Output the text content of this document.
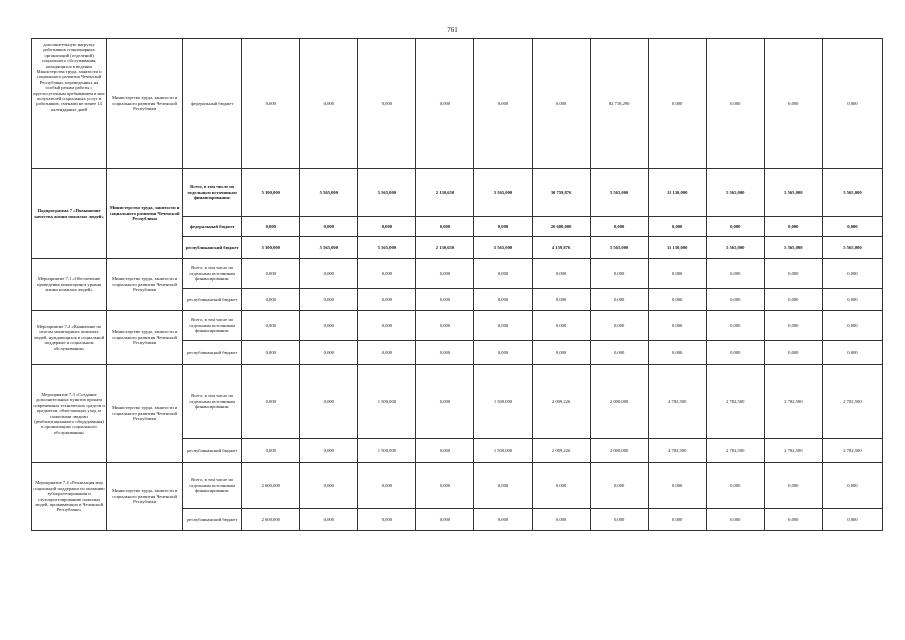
761
дополнительную нагрузку работников стационарных организаций (отделений) социального обслуживания, находящихся в ведении Министерства труда, занятости и социального развития Чеченской Республики, переведенных на особый режим работы с круглосуточным пребыванием в них получателей социальных услуг и работников, сменами не менее 14 календарных дней	Министерство труда, занятости и социального развития Чеченской Республики	федеральный бюджет	0,000	0,000	0,000	0,000	0,000	0,000	82 718,290	0,000	0,000	0,000	0,000
Подпрограмма 7 «Повышение качества жизни пожилых людей»	Министерство труда, занятости и социального развития Чеченской Республики	Всего, в том числе по отдельным источникам финансирования:	5 300,000	5 565,000	5 565,000	2 130,650	5 565,000	30 759,876	5 565,000	11 130,000	5 565,000	5 565,000	5 565,000
		федеральный бюджет	0,000	0,000	0,000	0,000	0,000	26 600,000	0,000	0,000	0,000	0,000	0,000
		республиканский бюджет	5 300,000	5 565,000	5 565,000	2 130,650	5 565,000	4 159,876	5 565,000	11 130,000	5 565,000	5 565,000	5 565,000
Мероприятие 7.1 «Обеспечение проведения мониторинга уровня жизни пожилых людей»	Министерство труда, занятости и социального развития Чеченской Республики	Всего, в том числе по отдельным источникам финансирования:	0,000	0,000	0,000	0,000	0,000	0,000	0,000	0,000	0,000	0,000	0,000
		республиканский бюджет	0,000	0,000	0,000	0,000	0,000	0,000	0,000	0,000	0,000	0,000	0,000
Мероприятие 7.2 «Выявление по итогам мониторинга пожилых людей, нуждающихся в социальной поддержке и социальном обслуживании»	Министерство труда, занятости и социального развития Чеченской Республики	Всего, в том числе по отдельным источникам финансирования:	0,000	0,000	0,000	0,000	0,000	0,000	0,000	0,000	0,000	0,000	0,000
		республиканский бюджет	0,000	0,000	0,000	0,000	0,000	0,000	0,000	0,000	0,000	0,000	0,000
Мероприятие 7.3 «Создание дополнительных пунктов проката современных технических средств и предметов, облегчающих уход за пожилыми людьми (реабилитационного оборудования) в организациях социального обслуживания»	Министерство труда, занятости и социального развития Чеченской Республики	Всего, в том числе по отдельным источникам финансирования:	0,000	0,000	1 500,000	0,000	1 500,000	2 009,226	2 000,000	4 782,500	2 782,500	2 782,500	2 782,500
		республиканский бюджет	0,000	0,000	1 500,000	0,000	1 500,000	2 009,226	2 000,000	4 782,500	2 782,500	2 782,500	2 782,500
Мероприятие 7.4 «Реализация мер социальной поддержки по оказанию зубопротезирования и слухопротезированию пожилых людей, проживающих в Чеченской Республике»	Министерство труда, занятости и социального развития Чеченской Республики	Всего, в том числе по отдельным источникам финансирования:	2 600,000	0,000	0,000	0,000	0,000	0,000	0,000	0,000	0,000	0,000	0,000
		республиканский бюджет	2 600,000	0,000	0,000	0,000	0,000	0,000	0,000	0,000	0,000	0,000	0,000
